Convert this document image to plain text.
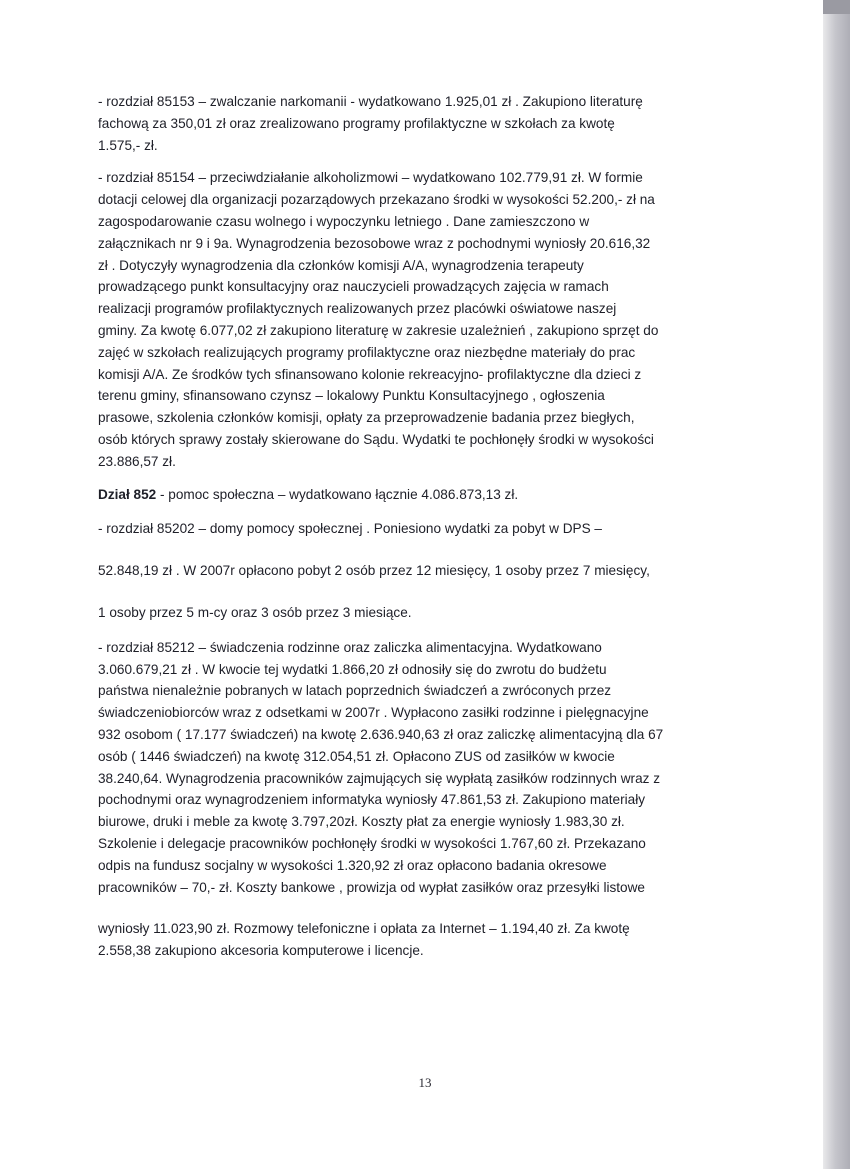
- rozdział 85153 – zwalczanie narkomanii - wydatkowano 1.925,01 zł . Zakupiono literaturę

fachową za 350,01 zł oraz zrealizowano programy profilaktyczne w szkołach za kwotę

1.575,- zł.

- rozdział 85154 – przeciwdziałanie alkoholizmowi – wydatkowano 102.779,91 zł. W formie

dotacji celowej dla organizacji pozarządowych przekazano środki w wysokości 52.200,- zł na

zagospodarowanie czasu wolnego i wypoczynku letniego . Dane zamieszczono w

załącznikach nr 9 i 9a. Wynagrodzenia bezosobowe wraz z pochodnymi wyniosły 20.616,32

zł . Dotyczyły wynagrodzenia dla członków komisji A/A, wynagrodzenia terapeuty

prowadzącego punkt konsultacyjny oraz nauczycieli prowadzących zajęcia w ramach

realizacji programów profilaktycznych realizowanych przez placówki oświatowe naszej

gminy. Za kwotę 6.077,02 zł zakupiono literaturę w zakresie uzależnień , zakupiono sprzęt do

zajęć w szkołach realizujących programy profilaktyczne oraz niezbędne materiały do prac

komisji A/A. Ze środków tych sfinansowano kolonie rekreacyjno- profilaktyczne dla dzieci z

terenu gminy, sfinansowano czynsz – lokalowy Punktu Konsultacyjnego , ogłoszenia

prasowe, szkolenia członków komisji, opłaty za przeprowadzenie badania przez biegłych,

osób których sprawy zostały skierowane do Sądu. Wydatki te pochłonęły środki w wysokości

23.886,57 zł.

Dział 852 - pomoc społeczna – wydatkowano łącznie 4.086.873,13 zł.

- rozdział 85202 – domy pomocy społecznej . Poniesiono wydatki za pobyt w DPS –

52.848,19 zł . W 2007r opłacono pobyt 2 osób przez 12 miesięcy, 1 osoby przez 7 miesięcy,

1 osoby przez 5 m-cy oraz 3 osób przez 3 miesiące.

- rozdział 85212 – świadczenia rodzinne oraz zaliczka alimentacyjna. Wydatkowano

3.060.679,21 zł . W kwocie tej wydatki 1.866,20 zł odnosiły się do zwrotu do budżetu

państwa nienależnie pobranych w latach poprzednich świadczeń a zwróconych przez

świadczeniobiorców wraz z odsetkami w 2007r . Wypłacono zasiłki rodzinne i pielęgnacyjne

932 osobom ( 17.177 świadczeń) na kwotę 2.636.940,63 zł oraz zaliczkę alimentacyjną dla 67

osób ( 1446 świadczeń) na kwotę 312.054,51 zł. Opłacono ZUS od zasiłków w kwocie

38.240,64. Wynagrodzenia pracowników zajmujących się wypłatą zasiłków rodzinnych wraz z

pochodnymi oraz wynagrodzeniem informatyka wyniosły 47.861,53 zł. Zakupiono materiały

biurowe, druki i meble za kwotę 3.797,20zł. Koszty płat za energie wyniosły 1.983,30 zł.

Szkolenie i delegacje pracowników pochłonęły środki w wysokości 1.767,60 zł. Przekazano

odpis na fundusz socjalny w wysokości 1.320,92 zł oraz opłacono badania okresowe

pracowników – 70,- zł. Koszty bankowe , prowizja od wypłat zasiłków oraz przesyłki listowe

wyniosły 11.023,90 zł. Rozmowy telefoniczne i opłata za Internet – 1.194,40 zł. Za kwotę

2.558,38 zakupiono akcesoria komputerowe i licencje.

13
